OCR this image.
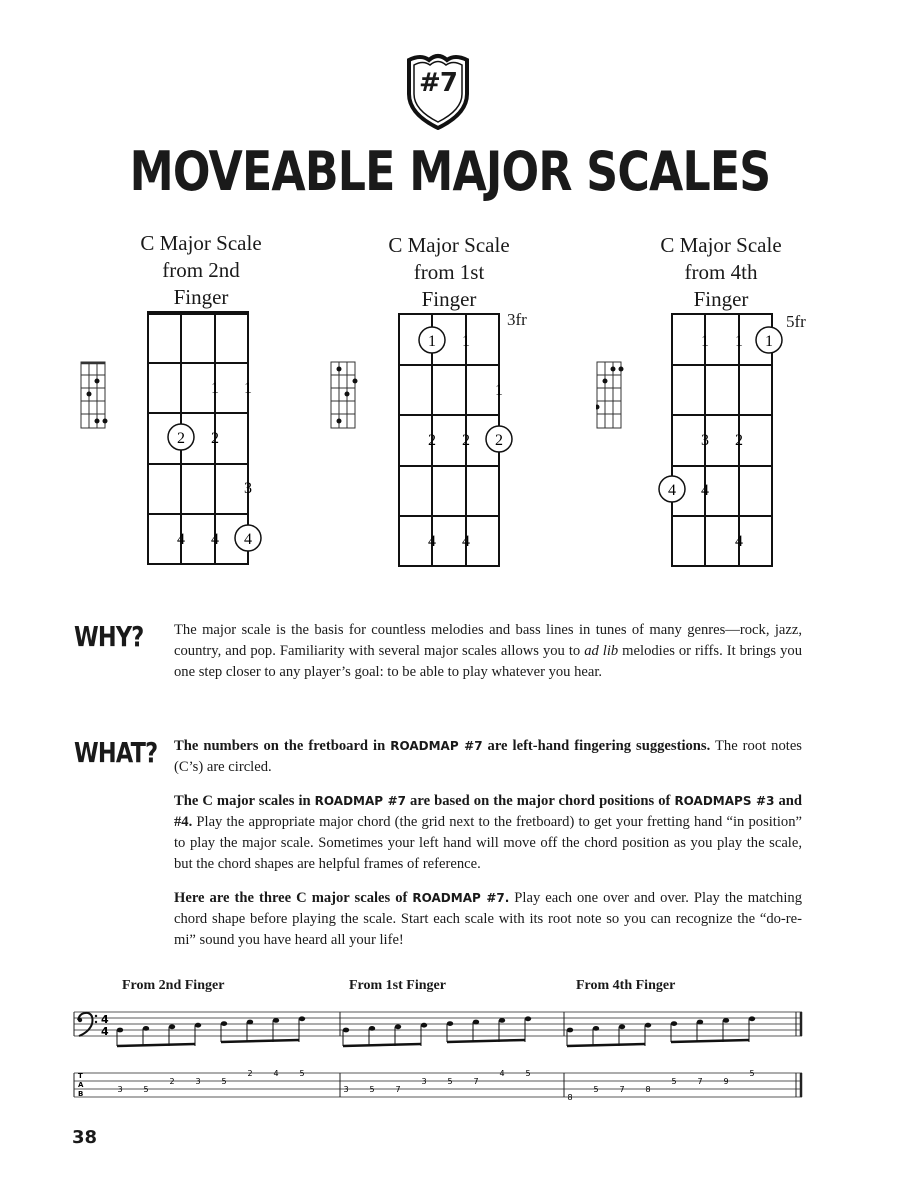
#7
MOVEABLE MAJOR SCALES
C Major Scale
from 2nd
Finger
C Major Scale
from 1st
Finger
C Major Scale
from 4th
Finger
3fr	5fr
1 1
2 2
3
4 4 4
1 1
1
2 2 2
4 4
1 1 1
3 2
4 4
4
WHY? The major scale is the basis for countless melodies and bass lines in tunes of many genres—rock, jazz, country, and pop. Familiarity with several major scales allows you to ad lib melodies or riffs. It brings you one step closer to any player’s goal: to be able to play whatever you hear.
WHAT? The numbers on the fretboard in ROADMAP #7 are left-hand fingering suggestions. The root notes (C’s) are circled.
The C major scales in ROADMAP #7 are based on the major chord positions of ROADMAPS #3 and #4. Play the appropriate major chord (the grid next to the fretboard) to get your fretting hand “in position” to play the major scale. Sometimes your left hand will move off the chord position as you play the scale, but the chord shapes are helpful frames of reference.
Here are the three C major scales of ROADMAP #7. Play each one over and over. Play the matching chord shape before playing the scale. Start each scale with its root note so you can recognize the “do-re-mi” sound you have heard all your life!
From 2nd Finger	From 1st Finger	From 4th Finger
4
4
T
A
B	3	5
2	3	5
2	4	5
3	5	7
3	5	7
4	5
8
5	7	8
5	7	9
5
38
